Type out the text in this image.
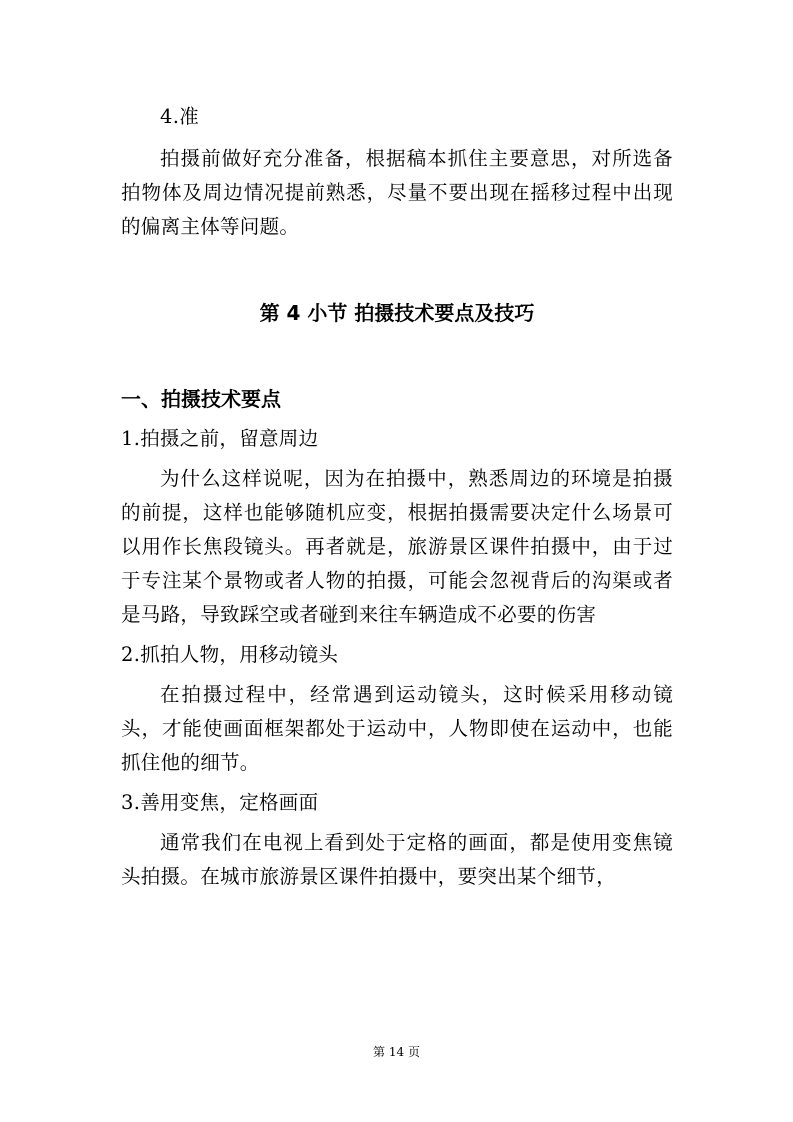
4.准
拍摄前做好充分准备，根据稿本抓住主要意思，对所选备拍物体及周边情况提前熟悉，尽量不要出现在摇移过程中出现的偏离主体等问题。
第 4 小节 拍摄技术要点及技巧
一、拍摄技术要点
1.拍摄之前，留意周边
为什么这样说呢，因为在拍摄中，熟悉周边的环境是拍摄的前提，这样也能够随机应变，根据拍摄需要决定什么场景可以用作长焦段镜头。再者就是，旅游景区课件拍摄中，由于过于专注某个景物或者人物的拍摄，可能会忽视背后的沟渠或者是马路，导致踩空或者碰到来往车辆造成不必要的伤害
2.抓拍人物，用移动镜头
在拍摄过程中，经常遇到运动镜头，这时候采用移动镜头，才能使画面框架都处于运动中，人物即使在运动中，也能抓住他的细节。
3.善用变焦，定格画面
通常我们在电视上看到处于定格的画面，都是使用变焦镜头拍摄。在城市旅游景区课件拍摄中，要突出某个细节，
第 14 页
